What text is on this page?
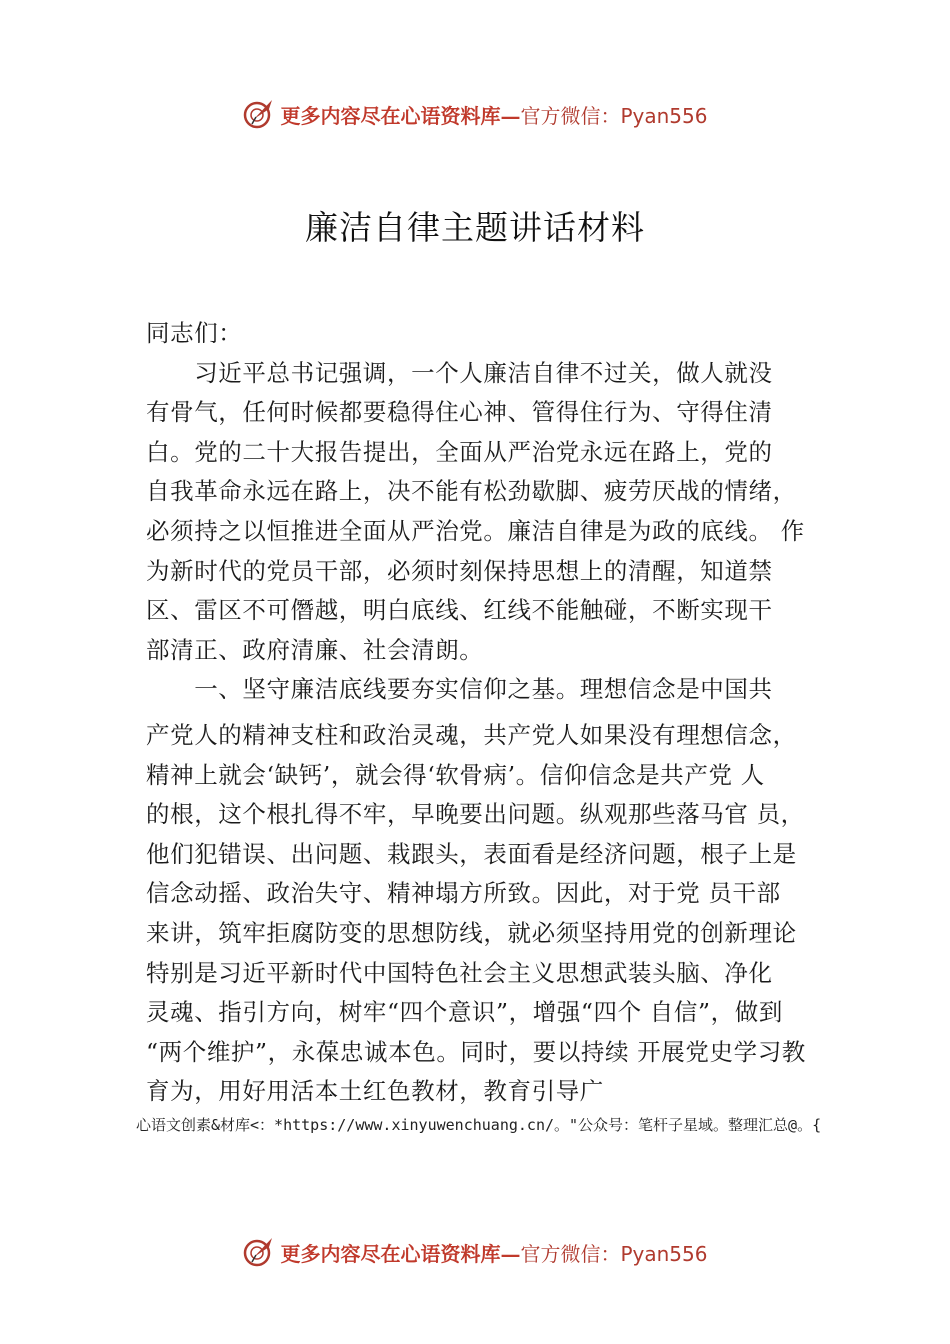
更多内容尽在心语资料库— 官方微信：Pyan556
廉洁自律主题讲话材料
同志们：
　　习近平总书记强调，一个人廉洁自律不过关，做人就没
有骨气，任何时候都要稳得住心神、管得住行为、守得住清
白。党的二十大报告提出，全面从严治党永远在路上，党的
自我革命永远在路上，决不能有松劲歇脚、疲劳厌战的情绪，
必须持之以恒推进全面从严治党。廉洁自律是为政的底线。 作
为新时代的党员干部，必须时刻保持思想上的清醒，知道禁
区、雷区不可僭越，明白底线、红线不能触碰，不断实现干
部清正、政府清廉、社会清朗。
　　一、坚守廉洁底线要夯实信仰之基。理想信念是中国共
产党人的精神支柱和政治灵魂，共产党人如果没有理想信念，
精神上就会‘缺钙’，就会得‘软骨病’。信仰信念是共产党 人
的根，这个根扎得不牢，早晚要出问题。纵观那些落马官 员，
他们犯错误、出问题、栽跟头，表面看是经济问题，根子上是
信念动摇、政治失守、精神塌方所致。因此，对于党 员干部
来讲，筑牢拒腐防变的思想防线，就必须坚持用党的创新理论
特别是习近平新时代中国特色社会主义思想武装头脑、净化
灵魂、指引方向，树牢“四个意识”，增强“四个 自信”，做到
“两个维护”，永葆忠诚本色。同时，要以持续 开展党史学习教
育为，用好用活本土红色教材，教育引导广
心语文创素&材库<：*https://www.xinyuwenchuang.cn/。"公众号：笔杆子星域。整理汇总@。{
更多内容尽在心语资料库— 官方微信：Pyan556
